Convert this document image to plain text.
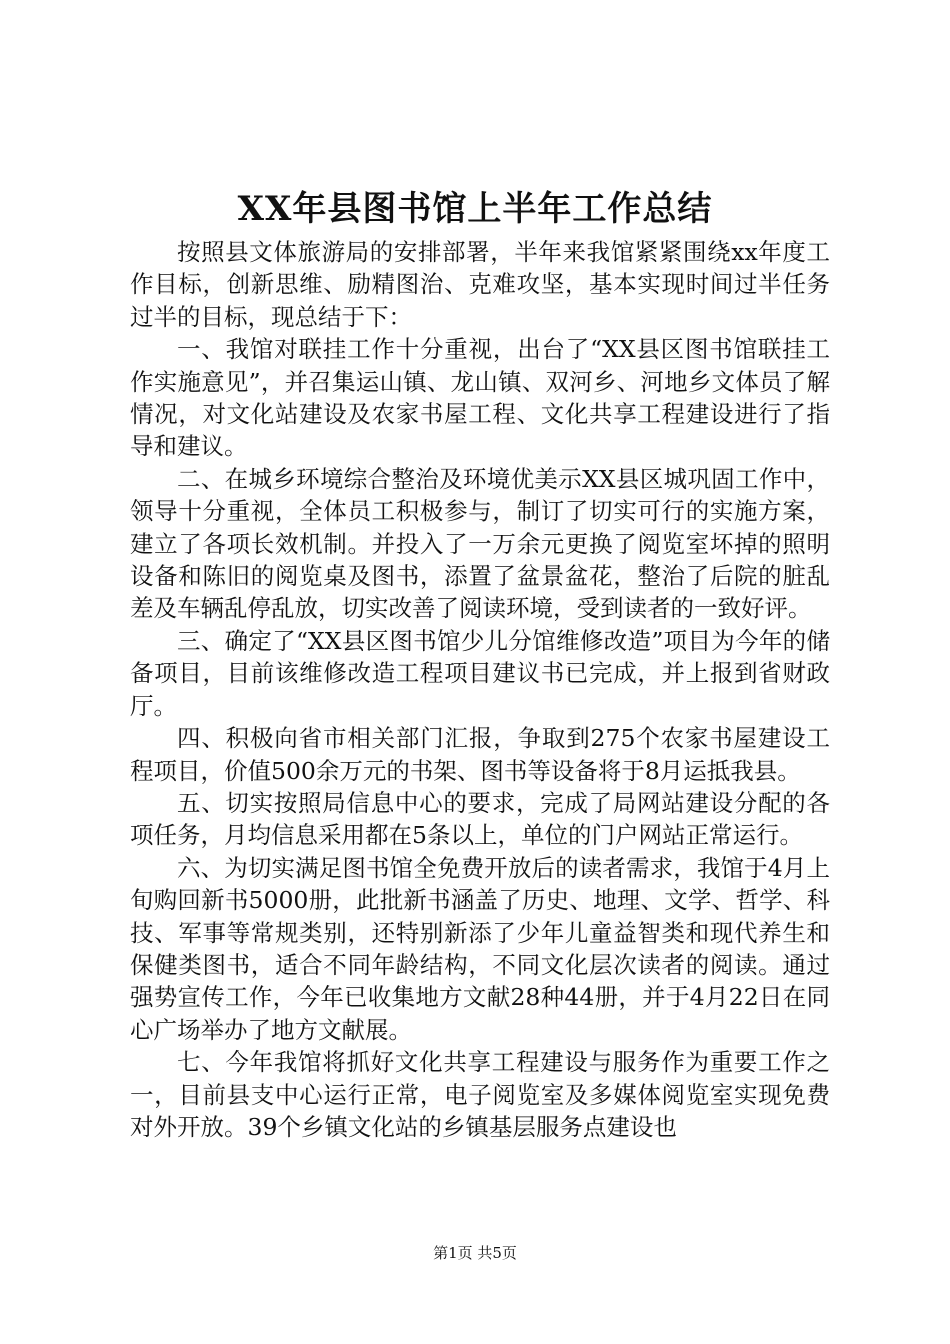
XX年县图书馆上半年工作总结

按照县文体旅游局的安排部署，半年来我馆紧紧围绕xx年度工作目标，创新思维、励精图治、克难攻坚，基本实现时间过半任务过半的目标，现总结于下：

一、我馆对联挂工作十分重视，出台了“XX县区图书馆联挂工作实施意见”，并召集运山镇、龙山镇、双河乡、河地乡文体员了解情况，对文化站建设及农家书屋工程、文化共享工程建设进行了指导和建议。

二、在城乡环境综合整治及环境优美示XX县区城巩固工作中，领导十分重视，全体员工积极参与，制订了切实可行的实施方案，建立了各项长效机制。并投入了一万余元更换了阅览室坏掉的照明设备和陈旧的阅览桌及图书，添置了盆景盆花，整治了后院的脏乱差及车辆乱停乱放，切实改善了阅读环境，受到读者的一致好评。

三、确定了“XX县区图书馆少儿分馆维修改造”项目为今年的储备项目，目前该维修改造工程项目建议书已完成，并上报到省财政厅。

四、积极向省市相关部门汇报，争取到275个农家书屋建设工程项目，价值500余万元的书架、图书等设备将于8月运抵我县。

五、切实按照局信息中心的要求，完成了局网站建设分配的各项任务，月均信息采用都在5条以上，单位的门户网站正常运行。

六、为切实满足图书馆全免费开放后的读者需求，我馆于4月上旬购回新书5000册，此批新书涵盖了历史、地理、文学、哲学、科技、军事等常规类别，还特别新添了少年儿童益智类和现代养生和保健类图书，适合不同年龄结构，不同文化层次读者的阅读。通过强势宣传工作，今年已收集地方文献28种44册，并于4月22日在同心广场举办了地方文献展。

七、今年我馆将抓好文化共享工程建设与服务作为重要工作之一，目前县支中心运行正常，电子阅览室及多媒体阅览室实现免费对外开放。39个乡镇文化站的乡镇基层服务点建设也

第1页 共5页
